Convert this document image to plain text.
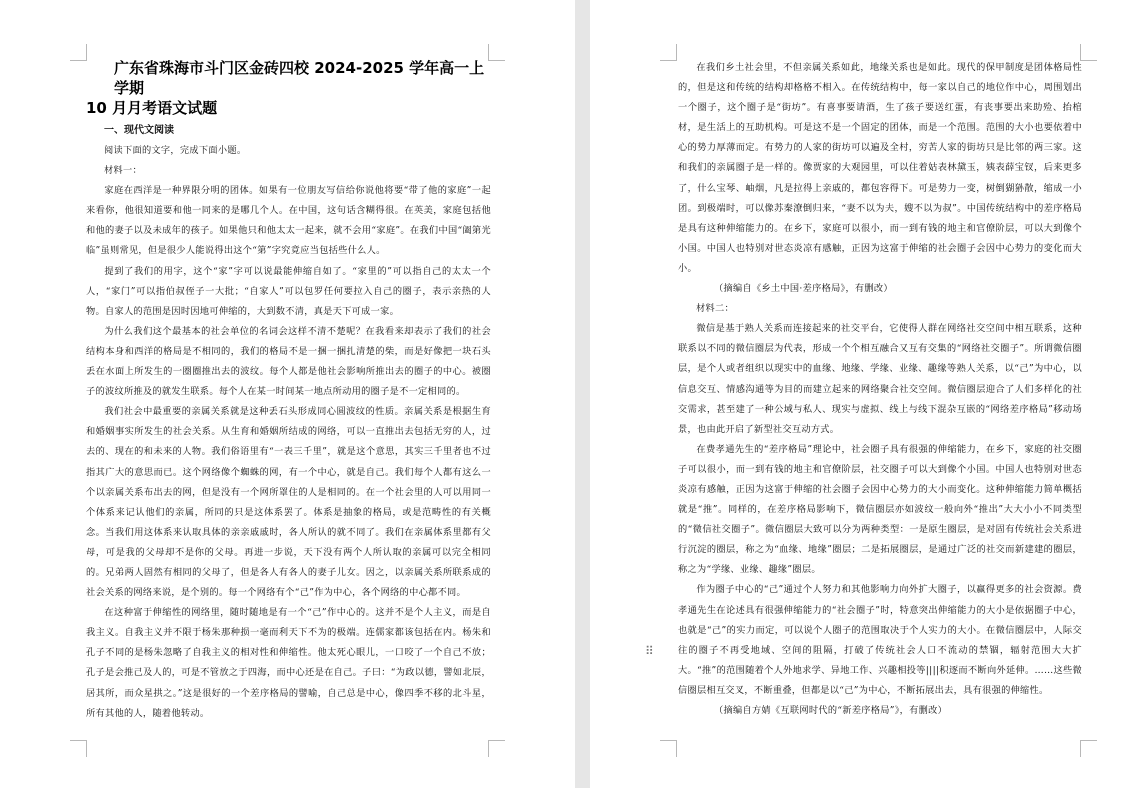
广东省珠海市斗门区金砖四校 2024-2025 学年高一上学期
10 月月考语文试题
一、现代文阅读

阅读下面的文字，完成下面小题。

材料一：

家庭在西洋是一种界限分明的团体。如果有一位朋友写信给你说他将要“带了他的家庭”一起来看你，他很知道要和他一同来的是哪几个人。在中国，这句话含糊得很。在英美，家庭包括他和他的妻子以及未成年的孩子。如果他只和他太太一起来，就不会用“家庭”。在我们中国“阖第光临”虽则常见，但是很少人能说得出这个“第”字究竟应当包括些什么人。

提到了我们的用字，这个“家”字可以说最能伸缩自如了。“家里的”可以指自己的太太一个人，“家门”可以指伯叔侄子一大批；“自家人”可以包罗任何要拉入自己的圈子，表示亲热的人物。自家人的范围是因时因地可伸缩的，大到数不清，真是天下可成一家。

为什么我们这个最基本的社会单位的名词会这样不清不楚呢？在我看来却表示了我们的社会结构本身和西洋的格局是不相同的，我们的格局不是一捆一捆扎清楚的柴，而是好像把一块石头丢在水面上所发生的一圈圈推出去的波纹。每个人都是他社会影响所推出去的圈子的中心。被圈子的波纹所推及的就发生联系。每个人在某一时间某一地点所动用的圈子是不一定相同的。

我们社会中最重要的亲属关系就是这种丢石头形成同心圆波纹的性质。亲属关系是根据生育和婚姻事实所发生的社会关系。从生育和婚姻所结成的网络，可以一直推出去包括无穷的人，过去的、现在的和未来的人物。我们俗语里有“一表三千里”，就是这个意思，其实三千里者也不过指其广大的意思而已。这个网络像个蜘蛛的网，有一个中心，就是自己。我们每个人都有这么一个以亲属关系布出去的网，但是没有一个网所罩住的人是相同的。在一个社会里的人可以用同一个体系来记认他们的亲属，所同的只是这体系罢了。体系是抽象的格局，或是范畴性的有关概念。当我们用这体系来认取具体的亲亲戚戚时，各人所认的就不同了。我们在亲属体系里都有父母，可是我的父母却不是你的父母。再进一步说，天下没有两个人所认取的亲属可以完全相同的。兄弟两人固然有相同的父母了，但是各人有各人的妻子儿女。因之，以亲属关系所联系成的社会关系的网络来说，是个别的。每一个网络有个“己”作为中心，各个网络的中心都不同。

在这种富于伸缩性的网络里，随时随地是有一个“己”作中心的。这并不是个人主义，而是自我主义。自我主义并不限于杨朱那种损一毫而利天下不为的极端。连儒家都该包括在内。杨朱和孔子不同的是杨朱忽略了自我主义的相对性和伸缩性。他太死心眼儿，一口咬了一个自己不放；孔子是会推己及人的，可是不管放之于四海，而中心还是在自己。子曰：“为政以德，譬如北辰，居其所，而众星拱之。”这是很好的一个差序格局的譬喻，自己总是中心，像四季不移的北斗星，所有其他的人，随着他转动。

在我们乡土社会里，不但亲属关系如此，地缘关系也是如此。现代的保甲制度是团体格局性的，但是这和传统的结构却格格不相入。在传统结构中，每一家以自己的地位作中心，周围划出一个圈子，这个圈子是“街坊”。有喜事要请酒，生了孩子要送红蛋，有丧事要出来助殓、抬棺材，是生活上的互助机构。可是这不是一个固定的团体，而是一个范围。范围的大小也要依着中心的势力厚薄而定。有势力的人家的街坊可以遍及全村，穷苦人家的街坊只是比邻的两三家。这和我们的亲属圈子是一样的。像贾家的大观园里，可以住着姑表林黛玉，姨表薛宝钗，后来更多了，什么宝琴、岫烟，凡是拉得上亲戚的，都包容得下。可是势力一变，树倒猢狲散，缩成一小团。到极端时，可以像苏秦潦倒归来，“妻不以为夫，嫂不以为叔”。中国传统结构中的差序格局是具有这种伸缩能力的。在乡下，家庭可以很小，而一到有钱的地主和官僚阶层，可以大到像个小国。中国人也特别对世态炎凉有感触，正因为这富于伸缩的社会圈子会因中心势力的变化而大小。

（摘编自《乡土中国·差序格局》，有删改）

材料二：

微信是基于熟人关系而连接起来的社交平台，它使得人群在网络社交空间中相互联系，这种联系以不同的微信圈层为代表，形成一个个相互融合又互有交集的“网络社交圈子”。所谓微信圈层，是个人或者组织以现实中的血缘、地缘、学缘、业缘、趣缘等熟人关系，以“己”为中心，以信息交互、情感沟通等为目的而建立起来的网络聚合社交空间。微信圈层迎合了人们多样化的社交需求，甚至建了一种公域与私人、现实与虚拟、线上与线下混杂互嵌的“网络差序格局”移动场景，也由此开启了新型社交互动方式。

在费孝通先生的“差序格局”理论中，社会圈子具有很强的伸缩能力，在乡下，家庭的社交圈子可以很小，而一到有钱的地主和官僚阶层，社交圈子可以大到像个小国。中国人也特别对世态炎凉有感触，正因为这富于伸缩的社会圈子会因中心势力的大小而变化。这种伸缩能力简单概括就是“推”。同样的，在差序格局影响下，微信圈层亦如波纹一般向外“推出”大大小小不同类型的“微信社交圈子”。微信圈层大致可以分为两种类型：一是原生圈层，是对固有传统社会关系进行沉淀的圈层，称之为“血缘、地缘”圈层；二是拓展圈层，是通过广泛的社交而新建建的圈层，称之为“学缘、业缘、趣缘”圈层。

作为圈子中心的“己”通过个人努力和其他影响力向外扩大圈子，以赢得更多的社会资源。费孝通先生在论述具有很强伸缩能力的“社会圈子”时，特意突出伸缩能力的大小是依据圈子中心，也就是“己”的实力而定，可以说个人圈子的范围取决于个人实力的大小。在微信圈层中，人际交往的圈子不再受地域、空间的阻隔，打破了传统社会人口不流动的禁锢，辐射范围大大扩大。“推”的范围随着个人外地求学、异地工作、兴趣相投等||||积逐而不断向外延伸。……这些微信圈层相互交叉，不断重叠，但都是以“己”为中心，不断拓展出去，具有很强的伸缩性。

（摘编自方婧《互联网时代的“新差序格局”》，有删改）

⠿
